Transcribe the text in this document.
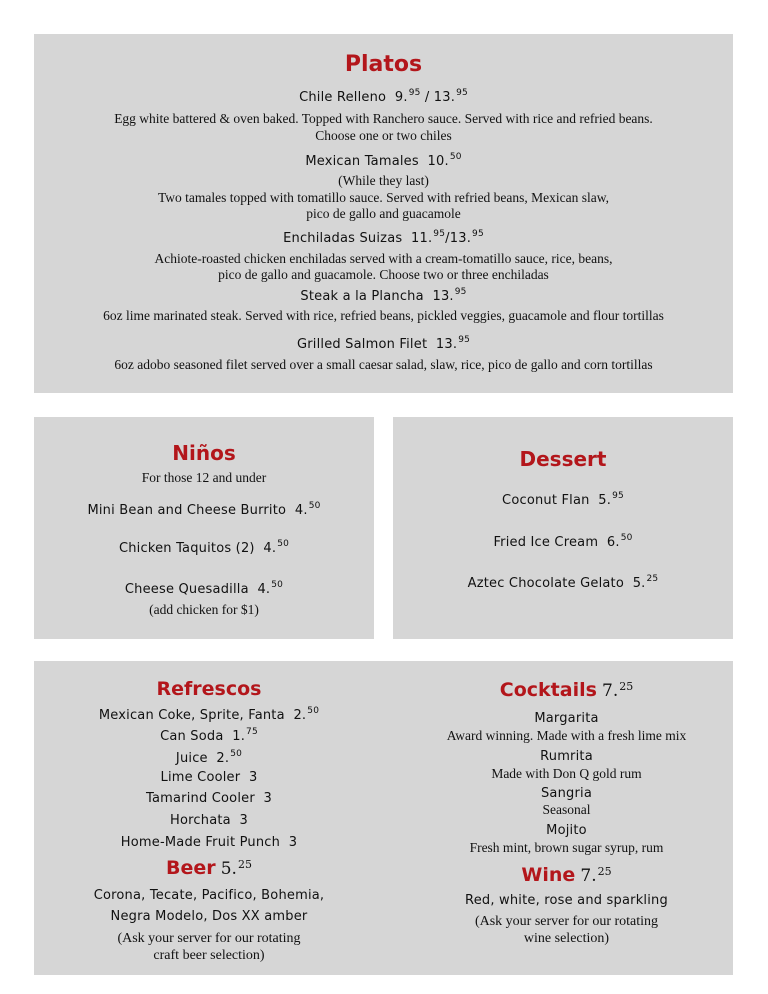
Platos
Chile Relleno 9.95 / 13.95
Egg white battered & oven baked. Topped with Ranchero sauce. Served with rice and refried beans.
Choose one or two chiles
Mexican Tamales 10.50
(While they last)
Two tamales topped with tomatillo sauce. Served with refried beans, Mexican slaw,
pico de gallo and guacamole
Enchiladas Suizas 11.95/13.95
Achiote-roasted chicken enchiladas served with a cream-tomatillo sauce, rice, beans,
pico de gallo and guacamole. Choose two or three enchiladas
Steak a la Plancha 13.95
6oz lime marinated steak. Served with rice, refried beans, pickled veggies, guacamole and flour tortillas
Grilled Salmon Filet 13.95
6oz adobo seasoned filet served over a small caesar salad, slaw, rice, pico de gallo and corn tortillas
Niños
For those 12 and under
Mini Bean and Cheese Burrito 4.50
Chicken Taquitos (2) 4.50
Cheese Quesadilla 4.50
(add chicken for $1)
Dessert
Coconut Flan 5.95
Fried Ice Cream 6.50
Aztec Chocolate Gelato 5.25
Refrescos
Mexican Coke, Sprite, Fanta 2.50
Can Soda 1.75
Juice 2.50
Lime Cooler 3
Tamarind Cooler 3
Horchata 3
Home-Made Fruit Punch 3
Beer 5.25
Corona, Tecate, Pacifico, Bohemia,
Negra Modelo, Dos XX amber
(Ask your server for our rotating
craft beer selection)
Cocktails 7.25
Margarita
Award winning. Made with a fresh lime mix
Rumrita
Made with Don Q gold rum
Sangria
Seasonal
Mojito
Fresh mint, brown sugar syrup, rum
Wine 7.25
Red, white, rose and sparkling
(Ask your server for our rotating
wine selection)
